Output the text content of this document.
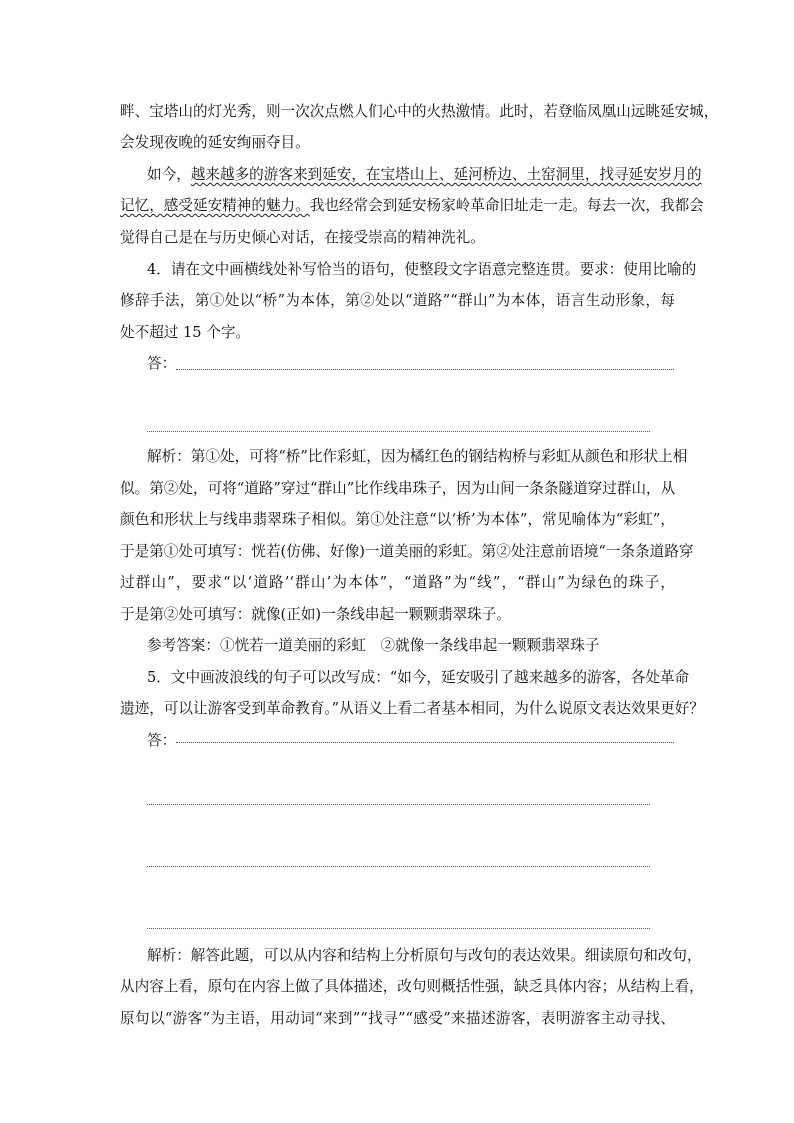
畔、宝塔山的灯光秀，则一次次点燃人们心中的火热激情。此时，若登临凤凰山远眺延安城，
会发现夜晚的延安绚丽夺目。
如今，越来越多的游客来到延安，在宝塔山上、延河桥边、土窑洞里，找寻延安岁月的
记忆，感受延安精神的魅力。我也经常会到延安杨家岭革命旧址走一走。每去一次，我都会
觉得自己是在与历史倾心对话，在接受崇高的精神洗礼。
4．请在文中画横线处补写恰当的语句，使整段文字语意完整连贯。要求：使用比喻的
修辞手法，第①处以“桥”为本体，第②处以“道路”“群山”为本体，语言生动形象，每
处不超过 15 个字。
答：
解析：第①处，可将“桥”比作彩虹，因为橘红色的钢结构桥与彩虹从颜色和形状上相
似。第②处，可将“道路”穿过“群山”比作线串珠子，因为山间一条条隧道穿过群山，从
颜色和形状上与线串翡翠珠子相似。第①处注意“以‘桥’为本体”，常见喻体为“彩虹”，
于是第①处可填写：恍若(仿佛、好像)一道美丽的彩虹。第②处注意前语境“一条条道路穿
过群山”，要求“以‘道路’‘群山’为本体”，“道路”为“线”，“群山”为绿色的珠子，
于是第②处可填写：就像(正如)一条线串起一颗颗翡翠珠子。
参考答案：①恍若一道美丽的彩虹　②就像一条线串起一颗颗翡翠珠子
5．文中画波浪线的句子可以改写成：“如今，延安吸引了越来越多的游客，各处革命
遗迹，可以让游客受到革命教育。”从语义上看二者基本相同，为什么说原文表达效果更好？
答：
解析：解答此题，可以从内容和结构上分析原句与改句的表达效果。细读原句和改句，
从内容上看，原句在内容上做了具体描述，改句则概括性强，缺乏具体内容；从结构上看，
原句以“游客”为主语，用动词“来到”“找寻”“感受”来描述游客，表明游客主动寻找、
